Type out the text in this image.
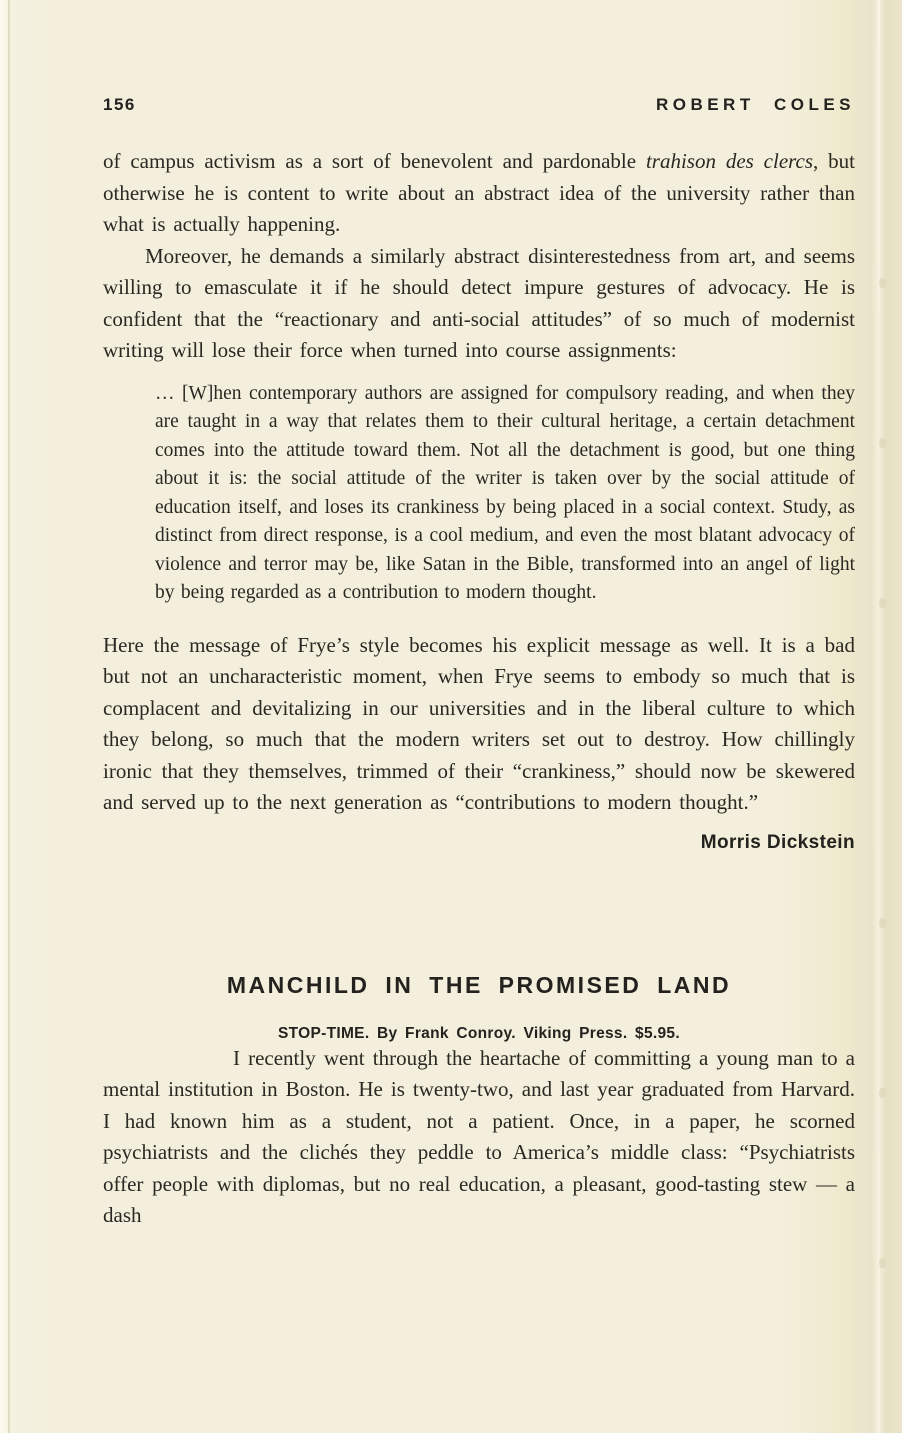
156	ROBERT COLES

of campus activism as a sort of benevolent and pardonable trahison des clercs, but otherwise he is content to write about an abstract idea of the university rather than what is actually happening.

Moreover, he demands a similarly abstract disinterestedness from art, and seems willing to emasculate it if he should detect impure gestures of advocacy. He is confident that the “reactionary and anti-social attitudes” of so much of modernist writing will lose their force when turned into course assignments:

… [W]hen contemporary authors are assigned for compulsory reading, and when they are taught in a way that relates them to their cultural heritage, a certain detachment comes into the attitude toward them. Not all the detachment is good, but one thing about it is: the social attitude of the writer is taken over by the social attitude of education itself, and loses its crankiness by being placed in a social context. Study, as distinct from direct response, is a cool medium, and even the most blatant advocacy of violence and terror may be, like Satan in the Bible, transformed into an angel of light by being regarded as a contribution to modern thought.

Here the message of Frye’s style becomes his explicit message as well. It is a bad but not an uncharacteristic moment, when Frye seems to embody so much that is complacent and devitalizing in our universities and in the liberal culture to which they belong, so much that the modern writers set out to destroy. How chillingly ironic that they themselves, trimmed of their “crankiness,” should now be skewered and served up to the next generation as “contributions to modern thought.”

Morris Dickstein
MANCHILD IN THE PROMISED LAND
STOP-TIME. By Frank Conroy. Viking Press. $5.95.

I recently went through the heartache of committing a young man to a mental institution in Boston. He is twenty-two, and last year graduated from Harvard. I had known him as a student, not a patient. Once, in a paper, he scorned psychiatrists and the clichés they peddle to America’s middle class: “Psychiatrists offer people with diplomas, but no real education, a pleasant, good-tasting stew — a dash
